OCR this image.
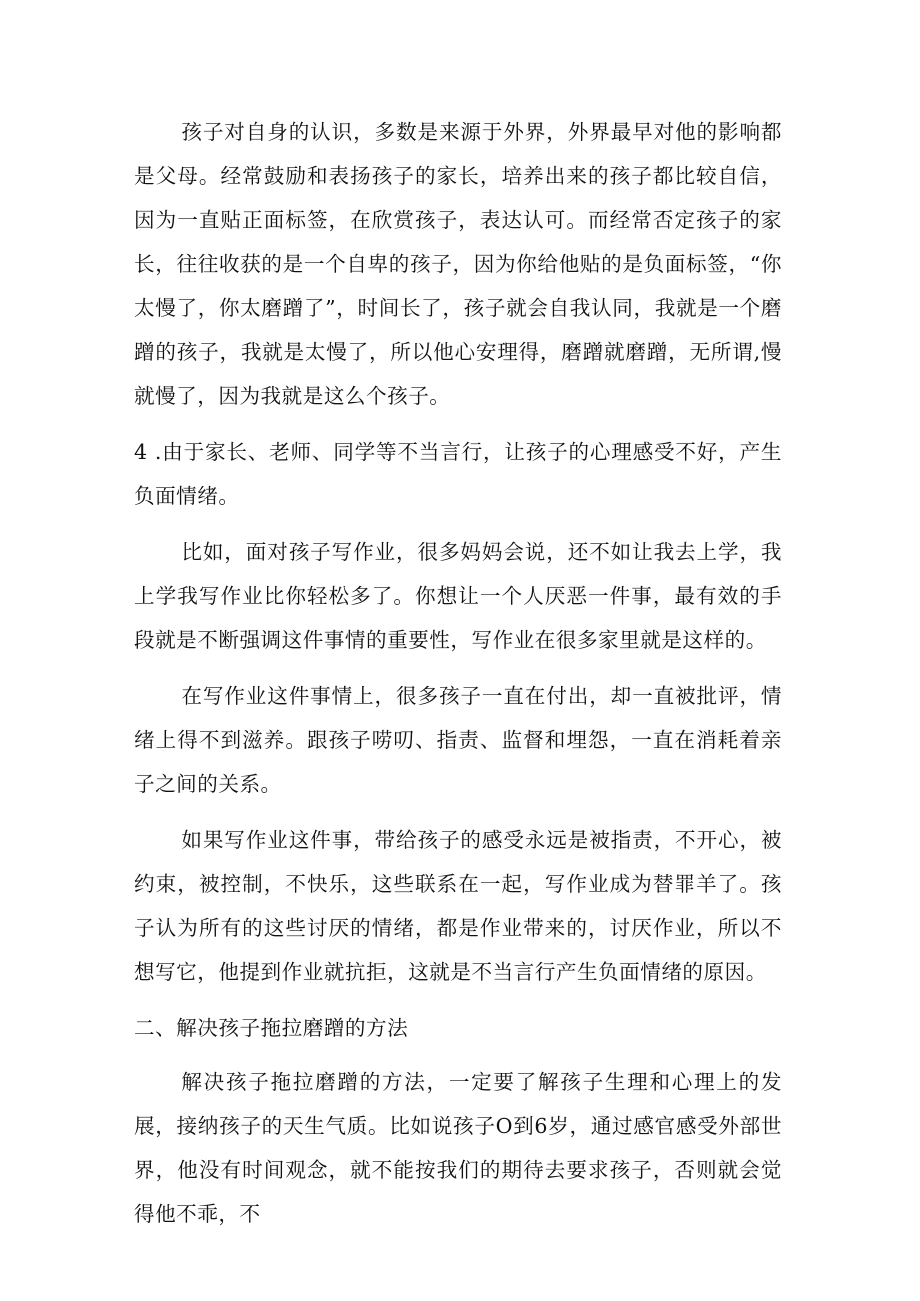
孩子对自身的认识，多数是来源于外界，外界最早对他的影响都是父母。经常鼓励和表扬孩子的家长，培养出来的孩子都比较自信，因为一直贴正面标签，在欣赏孩子，表达认可。而经常否定孩子的家长，往往收获的是一个自卑的孩子，因为你给他贴的是负面标签，“你太慢了，你太磨蹭了”，时间长了，孩子就会自我认同，我就是一个磨蹭的孩子，我就是太慢了，所以他心安理得，磨蹭就磨蹭，无所谓,慢就慢了，因为我就是这么个孩子。

4 .由于家长、老师、同学等不当言行，让孩子的心理感受不好，产生负面情绪。

比如，面对孩子写作业，很多妈妈会说，还不如让我去上学，我上学我写作业比你轻松多了。你想让一个人厌恶一件事，最有效的手段就是不断强调这件事情的重要性，写作业在很多家里就是这样的。

在写作业这件事情上，很多孩子一直在付出，却一直被批评，情绪上得不到滋养。跟孩子唠叨、指责、监督和埋怨，一直在消耗着亲子之间的关系。

如果写作业这件事，带给孩子的感受永远是被指责，不开心，被约束，被控制，不快乐，这些联系在一起，写作业成为替罪羊了。孩子认为所有的这些讨厌的情绪，都是作业带来的，讨厌作业，所以不想写它，他提到作业就抗拒，这就是不当言行产生负面情绪的原因。

二、解决孩子拖拉磨蹭的方法

解决孩子拖拉磨蹭的方法，一定要了解孩子生理和心理上的发展，接纳孩子的天生气质。比如说孩子O到6岁，通过感官感受外部世界，他没有时间观念，就不能按我们的期待去要求孩子，否则就会觉得他不乖，不
